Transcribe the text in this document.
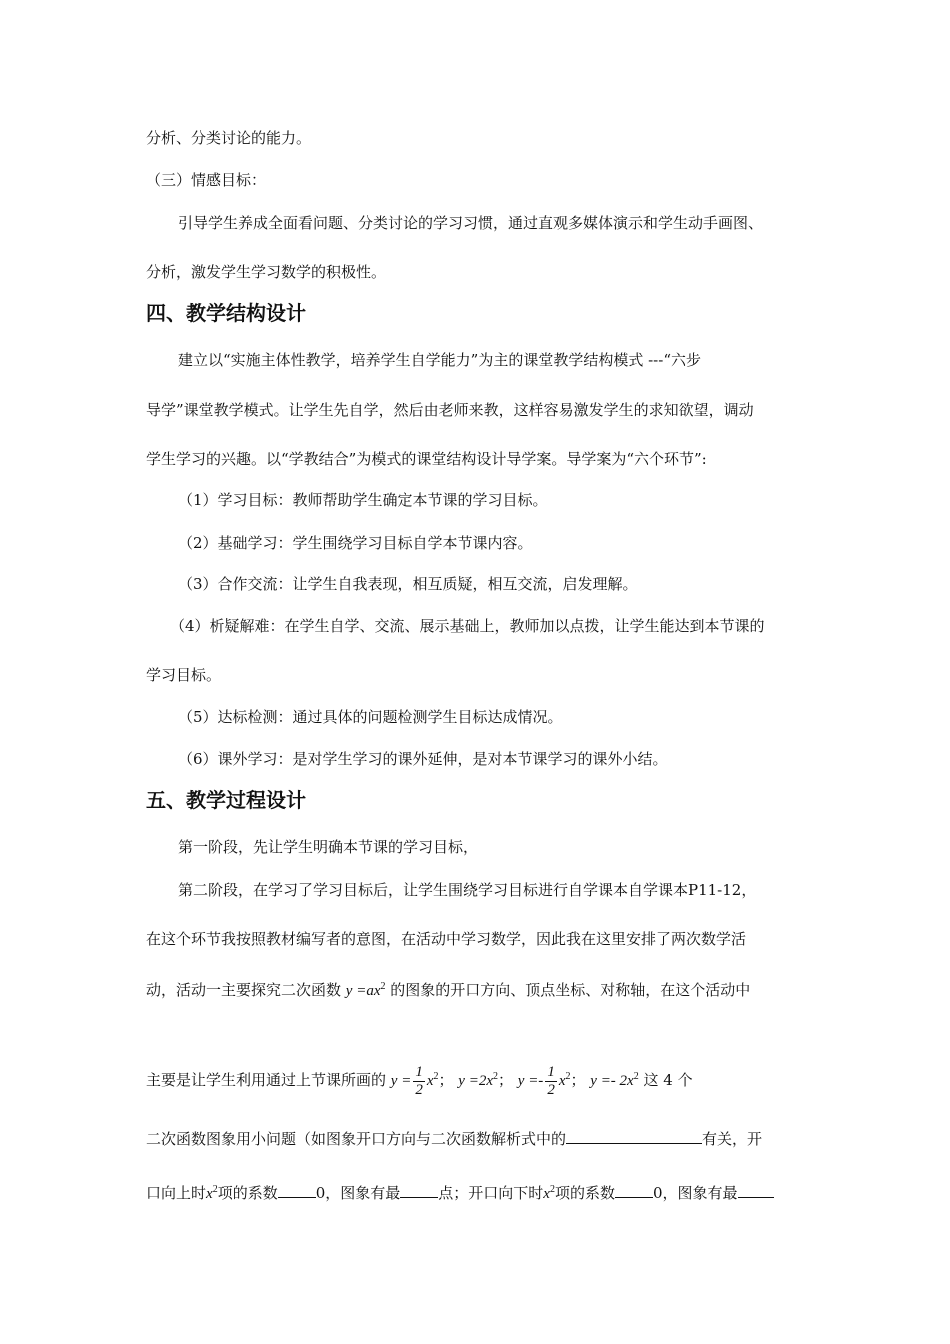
分析、分类讨论的能力。
（三）情感目标：
引导学生养成全面看问题、分类讨论的学习习惯，通过直观多媒体演示和学生动手画图、
分析，激发学生学习数学的积极性。
四、教学结构设计
建立以“实施主体性教学，培养学生自学能力”为主的课堂教学结构模式 ---“六步
导学”课堂教学模式。让学生先自学，然后由老师来教，这样容易激发学生的求知欲望，调动
学生学习的兴趣。以“学教结合”为模式的课堂结构设计导学案。导学案为“六个环节”:
（1）学习目标：教师帮助学生确定本节课的学习目标。
（2）基础学习：学生围绕学习目标自学本节课内容。
（3）合作交流：让学生自我表现，相互质疑，相互交流，启发理解。
（4）析疑解难：在学生自学、交流、展示基础上，教师加以点拨，让学生能达到本节课的
学习目标。
（5）达标检测：通过具体的问题检测学生目标达成情况。
（6）课外学习：是对学生学习的课外延伸，是对本节课学习的课外小结。
五、教学过程设计
第一阶段，先让学生明确本节课的学习目标，
第二阶段，在学习了学习目标后，让学生围绕学习目标进行自学课本自学课本P11-12，
在这个环节我按照教材编写者的意图，在活动中学习数学，因此我在这里安排了两次数学活
动，活动一主要探究二次函数 $y =ax^2$ 的图象的开口方向、顶点坐标、对称轴，在这个活动中
主要是让学生利用通过上节课所画的 $y = \frac{1}{2} x^2$； $y =2x^2$； $y =- \frac{1}{2} x^2$； $y =- 2x^2$ 这 4 个
二次函数图象用小问题（如图象开口方向与二次函数解析式中的	有关，开
口向上时$x^2$项的系数	0，图象有最	点；开口向下时$x^2$项的系数	0，图象有最
